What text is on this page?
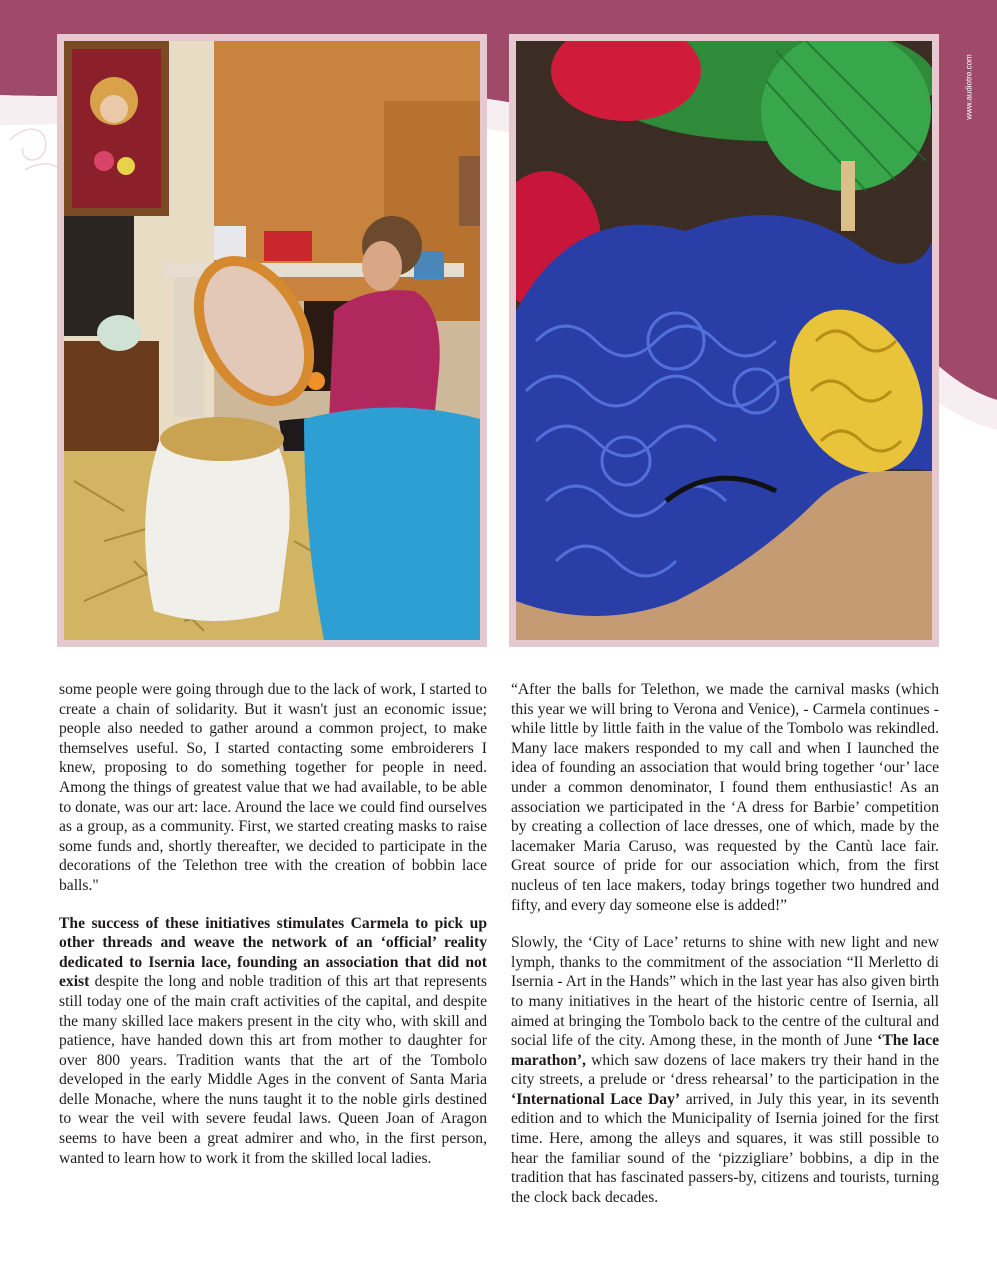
www.audiotre.com

some people were going through due to the lack of work, I started to create a chain of solidarity. But it wasn't just an economic issue; people also needed to gather around a common project, to make themselves useful. So, I started contacting some embroiderers I knew, proposing to do something together for people in need. Among the things of greatest value that we had available, to be able to donate, was our art: lace. Around the lace we could find ourselves as a group, as a community. First, we started creating masks to raise some funds and, shortly thereafter, we decided to participate in the decorations of the Telethon tree with the creation of bobbin lace balls."

The success of these initiatives stimulates Carmela to pick up other threads and weave the network of an ‘official’ reality dedicated to Isernia lace, founding an association that did not exist despite the long and noble tradition of this art that represents still today one of the main craft activities of the capital, and despite the many skilled lace makers present in the city who, with skill and patience, have handed down this art from mother to daughter for over 800 years. Tradition wants that the art of the Tombolo developed in the early Middle Ages in the convent of Santa Maria delle Monache, where the nuns taught it to the noble girls destined to wear the veil with severe feudal laws. Queen Joan of Aragon seems to have been a great admirer and who, in the first person, wanted to learn how to work it from the skilled local ladies.

“After the balls for Telethon, we made the carnival masks (which this year we will bring to Verona and Venice), - Carmela continues - while little by little faith in the value of the Tombolo was rekindled. Many lace makers responded to my call and when I launched the idea of founding an association that would bring together ‘our’ lace under a common denominator, I found them enthusiastic! As an association we participated in the ‘A dress for Barbie’ competition by creating a collection of lace dresses, one of which, made by the lacemaker Maria Caruso, was requested by the Cantù lace fair. Great source of pride for our association which, from the first nucleus of ten lace makers, today brings together two hundred and fifty, and every day someone else is added!”

Slowly, the ‘City of Lace’ returns to shine with new light and new lymph, thanks to the commitment of the association “Il Merletto di Isernia - Art in the Hands” which in the last year has also given birth to many initiatives in the heart of the historic centre of Isernia, all aimed at bringing the Tombolo back to the centre of the cultural and social life of the city. Among these, in the month of June ‘The lace marathon’, which saw dozens of lace makers try their hand in the city streets, a prelude or ‘dress rehearsal’ to the participation in the ‘International Lace Day’ arrived, in July this year, in its seventh edition and to which the Municipality of Isernia joined for the first time. Here, among the alleys and squares, it was still possible to hear the familiar sound of the ‘pizzigliare’ bobbins, a dip in the tradition that has fascinated passers-by, citizens and tourists, turning the clock back decades.
